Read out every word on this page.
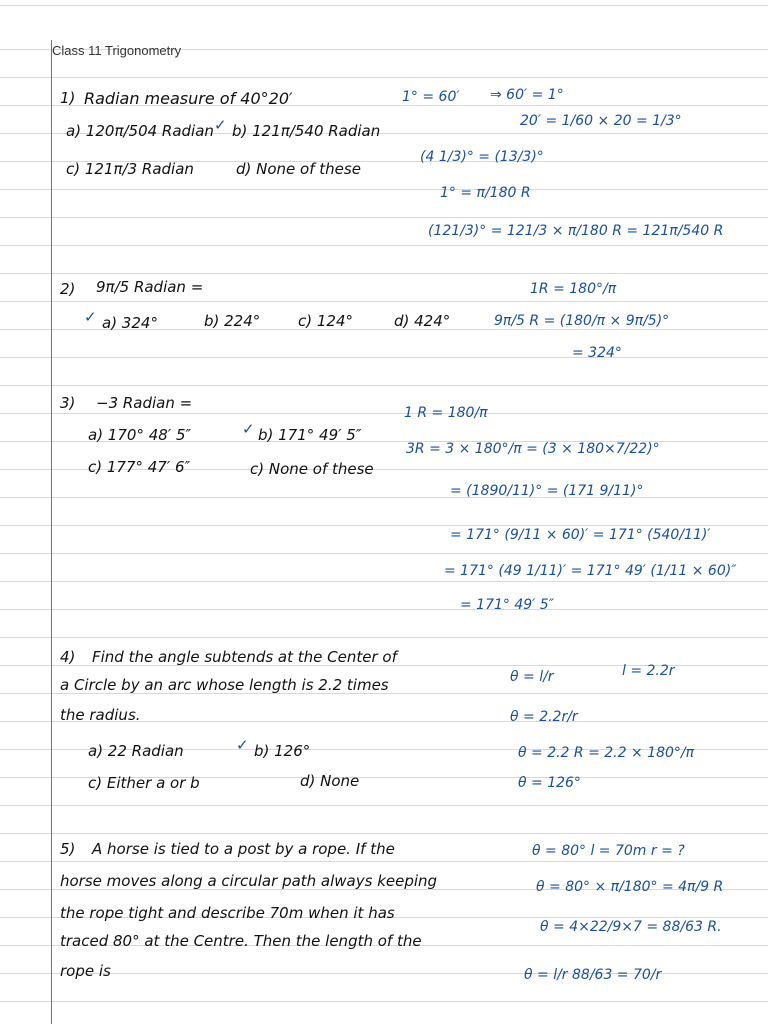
Class 11 Trigonometry
1) Radian measure of 40°20′
a) 120π/504 Radian ✓ b) 121π/540 Radian
c) 121π/3 Radian	d) None of these
1° = 60′ ⇒ 60′ = 1°
20′ = 1/60 × 20 = 1/3°
(4 1/3)° = (13/3)°
1° = π/180 R
(121/3)° = 121/3 × π/180 R = 121π/540 R
2) 9π/5 Radian =
✓ a) 324°	b) 224°	c) 124°	d) 424°
1R = 180°/π
9π/5 R = (180/π × 9π/5)°
= 324°
3) −3 Radian =
a) 170° 48′ 5″	✓ b) 171° 49′ 5″
c) 177° 47′ 6″	c) None of these
1 R = 180/π
3R = 3 × 180°/π = (3 × 180×7/22)°
= (1890/11)° = (171 9/11)°
= 171° (9/11 × 60)′ = 171° (540/11)′
= 171° (49 1/11)′ = 171° 49′ (1/11 × 60)″
= 171° 49′ 5″
4) Find the angle subtends at the Center of
a Circle by an arc whose length is 2.2 times
the radius.
a) 22 Radian	✓ b) 126°
c) Either a or b	d) None
θ = l/r	l = 2.2r
θ = 2.2r/r
θ = 2.2 R = 2.2 × 180°/π
θ = 126°
5) A horse is tied to a post by a rope. If the
horse moves along a circular path always keeping
the rope tight and describe 70m when it has
traced 80° at the Centre. Then the length of the
rope is
θ = 80° l = 70m r = ?
θ = 80° × π/180° = 4π/9 R
θ = 4×22/9×7 = 88/63 R.
θ = l/r 88/63 = 70/r
